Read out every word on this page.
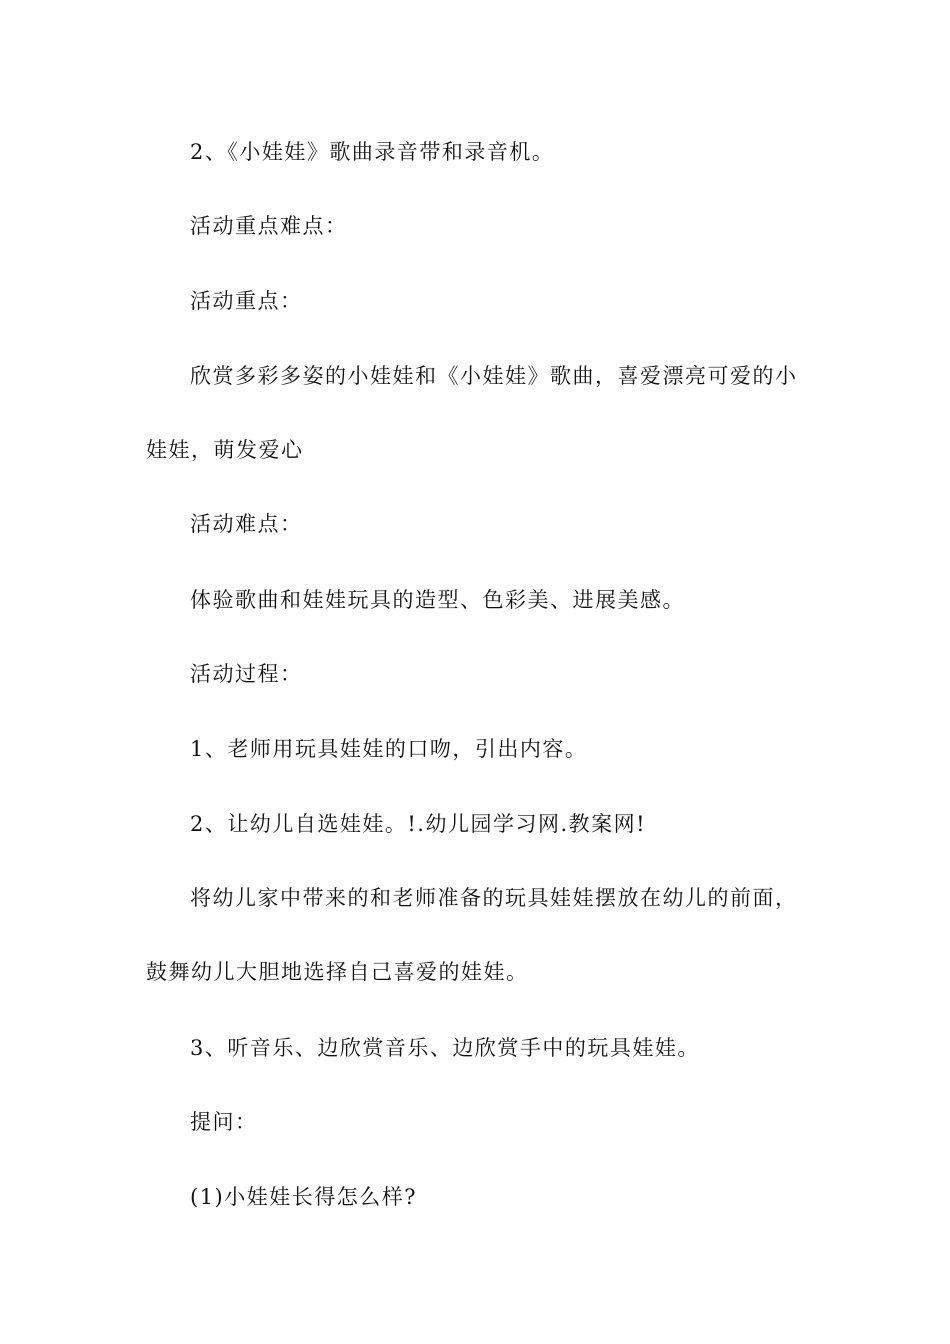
2、《小娃娃》歌曲录音带和录音机。
活动重点难点：
活动重点：
欣赏多彩多姿的小娃娃和《小娃娃》歌曲，喜爱漂亮可爱的小
娃娃，萌发爱心
活动难点：
体验歌曲和娃娃玩具的造型、色彩美、进展美感。
活动过程：
1、老师用玩具娃娃的口吻，引出内容。
2、让幼儿自选娃娃。!.幼儿园学习网.教案网!
将幼儿家中带来的和老师准备的玩具娃娃摆放在幼儿的前面，
鼓舞幼儿大胆地选择自己喜爱的娃娃。
3、听音乐、边欣赏音乐、边欣赏手中的玩具娃娃。
提问：
(1)小娃娃长得怎么样?
